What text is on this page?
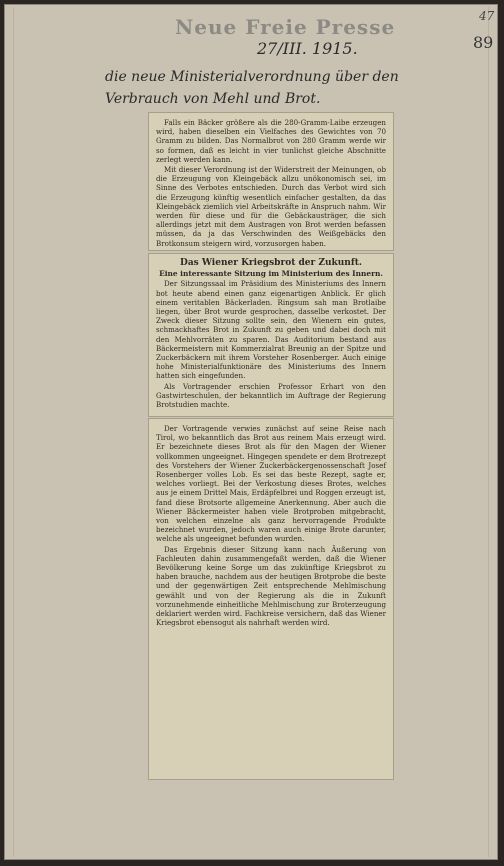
Neue Freie Presse	47
27/III. 1915.	89
die neue Ministerialverordnung über den
Verbrauch von Mehl und Brot.

Falls ein Bäcker größere als die 280-Gramm-Laibe erzeugen wird, haben dieselben ein Vielfaches des Gewichtes von 70 Gramm zu bilden. Das Normalbrot von 280 Gramm werde wir so formen, daß es leicht in vier tunlichst gleiche Abschnitte zerlegt werden kann.

Mit dieser Verordnung ist der Widerstreit der Meinungen, ob die Erzeugung von Kleingebäck allzu unökonomisch sei, im Sinne des Verbotes entschieden. Durch das Verbot wird sich die Erzeugung künftig wesentlich einfacher gestalten, da das Kleingebäck ziemlich viel Arbeitskräfte in Anspruch nahm. Wir werden für diese und für die Gebäckausträger, die sich allerdings jetzt mit dem Austragen von Brot werden befassen müssen, da ja das Verschwinden des Weißgebäcks den Brotkonsum steigern wird, vorzusorgen haben.

Das Wiener Kriegsbrot der Zukunft.

Eine interessante Sitzung im Ministerium des Innern.

Der Sitzungssaal im Präsidium des Ministeriums des Innern bot heute abend einen ganz eigenartigen Anblick. Er glich einem veritablen Bäckerladen. Ringsum sah man Brotlaibe liegen, über Brot wurde gesprochen, dasselbe verkostet. Der Zweck dieser Sitzung sollte sein, den Wienern ein gutes, schmackhaftes Brot in Zukunft zu geben und dabei doch mit den Mehlvorräten zu sparen. Das Auditorium bestand aus Bäckermeistern mit Kommerzialrat Breunig an der Spitze und Zuckerbäckern mit ihrem Vorsteher Rosenberger. Auch einige hohe Ministerialfunktionäre des Ministeriums des Innern hatten sich eingefunden.

Als Vortragender erschien Professor Erhart von den Gastwirteschulen, der bekanntlich im Auftrage der Regierung Brotstudien machte.

Der Vortragende verwies zunächst auf seine Reise nach Tirol, wo bekanntlich das Brot aus reinem Mais erzeugt wird. Er bezeichnete dieses Brot als für den Magen der Wiener vollkommen ungeeignet. Hingegen spendete er dem Brotrezept des Vorstehers der Wiener Zuckerbäckergenossenschaft Josef Rosenberger volles Lob. Es sei das beste Rezept, sagte er, welches vorliegt. Bei der Verkostung dieses Brotes, welches aus je einem Drittel Mais, Erdäpfelbrei und Roggen erzeugt ist, fand diese Brotsorte allgemeine Anerkennung. Aber auch die Wiener Bäckermeister haben viele Brotproben mitgebracht, von welchen einzelne als ganz hervorragende Produkte bezeichnet wurden, jedoch waren auch einige Brote darunter, welche als ungeeignet befunden wurden.

Das Ergebnis dieser Sitzung kann nach Äußerung von Fachleuten dahin zusammengefaßt werden, daß die Wiener Bevölkerung keine Sorge um das zukünftige Kriegsbrot zu haben brauche, nachdem aus der heutigen Brotprobe die beste und der gegenwärtigen Zeit entsprechende Mehlmischung gewählt und von der Regierung als die in Zukunft vorzunehmende einheitliche Mehlmischung zur Broterzeugung deklariert werden wird. Fachkreise versichern, daß das Wiener Kriegsbrot ebensogut als nahrhaft werden wird.
